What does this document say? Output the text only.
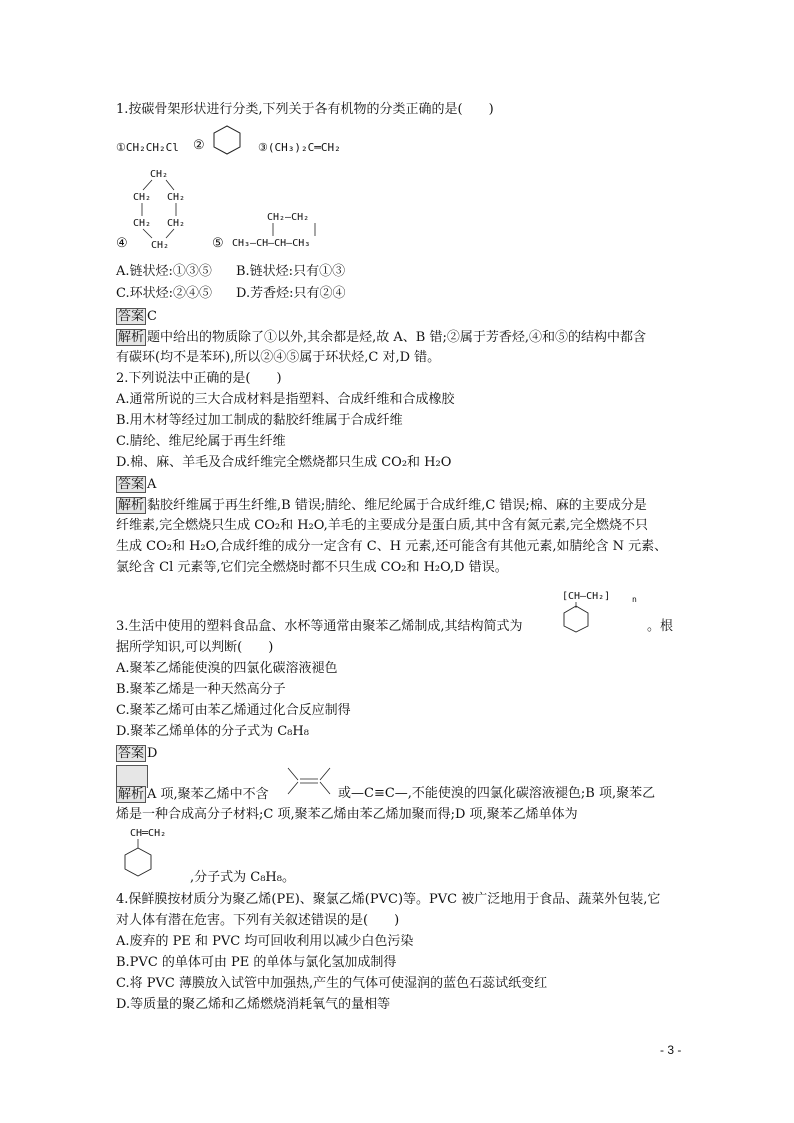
1.按碳骨架形状进行分类,下列关于各有机物的分类正确的是(　　)
①CH₂CH₂Cl ②	③(CH₃)₂C═CH₂
CH₂
CH₂ CH₂
CH₂ CH₂
CH₂
④	⑤
CH₂—CH₂
CH₃—CH—CH—CH₃
A.链状烃:①③⑤ B.链状烃:只有①③
C.环状烃:②④⑤ D.芳香烃:只有②④
答案 C
解析 题中给出的物质除了①以外,其余都是烃,故 A、B 错;②属于芳香烃,④和⑤的结构中都含
有碳环(均不是苯环),所以②④⑤属于环状烃,C 对,D 错。
2.下列说法中正确的是(　　)
A.通常所说的三大合成材料是指塑料、合成纤维和合成橡胶
B.用木材等经过加工制成的黏胶纤维属于合成纤维
C.腈纶、维尼纶属于再生纤维
D.棉、麻、羊毛及合成纤维完全燃烧都只生成 CO₂和 H₂O
答案 A
解析 黏胶纤维属于再生纤维,B 错误;腈纶、维尼纶属于合成纤维,C 错误;棉、麻的主要成分是
纤维素,完全燃烧只生成 CO₂和 H₂O,羊毛的主要成分是蛋白质,其中含有氮元素,完全燃烧不只
生成 CO₂和 H₂O,合成纤维的成分一定含有 C、H 元素,还可能含有其他元素,如腈纶含 N 元素、
氯纶含 Cl 元素等,它们完全燃烧时都不只生成 CO₂和 H₂O,D 错误。
[CH—CH₂]	n
3.生活中使用的塑料食品盒、水杯等通常由聚苯乙烯制成,其结构简式为	。根
据所学知识,可以判断(　　)
A.聚苯乙烯能使溴的四氯化碳溶液褪色
B.聚苯乙烯是一种天然高分子
C.聚苯乙烯可由苯乙烯通过化合反应制得
D.聚苯乙烯单体的分子式为 C₈H₈
答案 D
解析 A 项,聚苯乙烯中不含	或—C≡C—,不能使溴的四氯化碳溶液褪色;B 项,聚苯乙
烯是一种合成高分子材料;C 项,聚苯乙烯由苯乙烯加聚而得;D 项,聚苯乙烯单体为
CH═CH₂
,分子式为 C₈H₈。
4.保鲜膜按材质分为聚乙烯(PE)、聚氯乙烯(PVC)等。PVC 被广泛地用于食品、蔬菜外包装,它
对人体有潜在危害。下列有关叙述错误的是(　　)
A.废弃的 PE 和 PVC 均可回收利用以减少白色污染
B.PVC 的单体可由 PE 的单体与氯化氢加成制得
C.将 PVC 薄膜放入试管中加强热,产生的气体可使湿润的蓝色石蕊试纸变红
D.等质量的聚乙烯和乙烯燃烧消耗氧气的量相等
- 3 -
